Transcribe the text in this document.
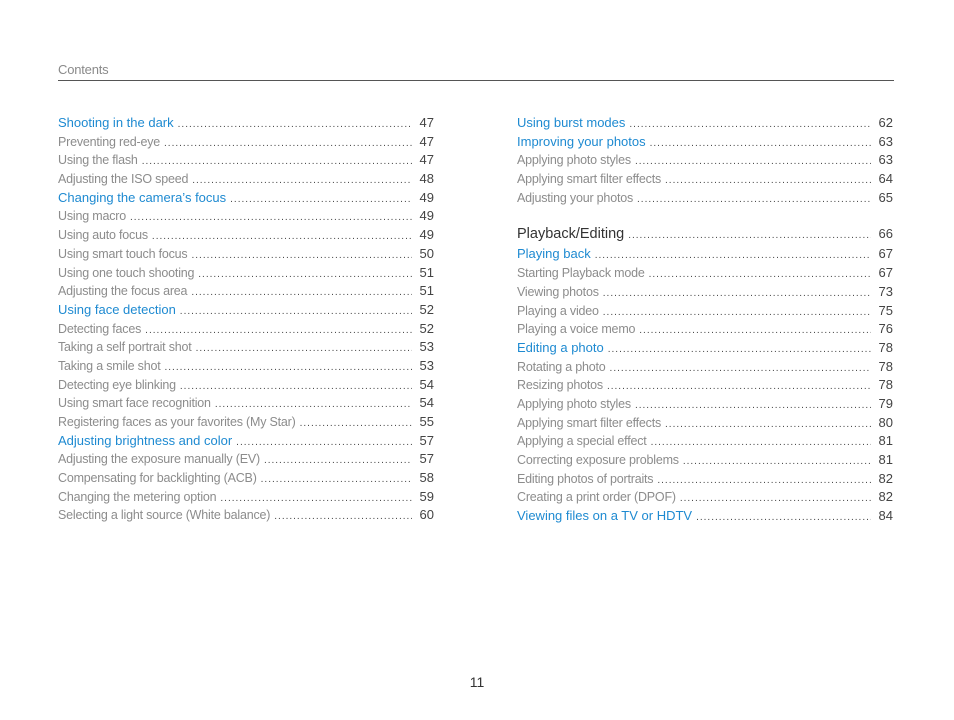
Contents
Shooting in the dark .....	47
Preventing red-eye .....	47
Using the flash .....	47
Adjusting the ISO speed .....	48
Changing the camera’s focus .....	49
Using macro .....	49
Using auto focus .....	49
Using smart touch focus .....	50
Using one touch shooting .....	51
Adjusting the focus area .....	51
Using face detection .....	52
Detecting faces .....	52
Taking a self portrait shot .....	53
Taking a smile shot .....	53
Detecting eye blinking .....	54
Using smart face recognition .....	54
Registering faces as your favorites (My Star) .....	55
Adjusting brightness and color .....	57
Adjusting the exposure manually (EV) .....	57
Compensating for backlighting (ACB) .....	58
Changing the metering option .....	59
Selecting a light source (White balance) .....	60
Using burst modes .....	62
Improving your photos .....	63
Applying photo styles .....	63
Applying smart filter effects .....	64
Adjusting your photos .....	65
Playback/Editing .....	66
Playing back .....	67
Starting Playback mode .....	67
Viewing photos .....	73
Playing a video .....	75
Playing a voice memo .....	76
Editing a photo .....	78
Rotating a photo .....	78
Resizing photos .....	78
Applying photo styles .....	79
Applying smart filter effects .....	80
Applying a special effect .....	81
Correcting exposure problems .....	81
Editing photos of portraits .....	82
Creating a print order (DPOF) .....	82
Viewing files on a TV or HDTV .....	84
11
